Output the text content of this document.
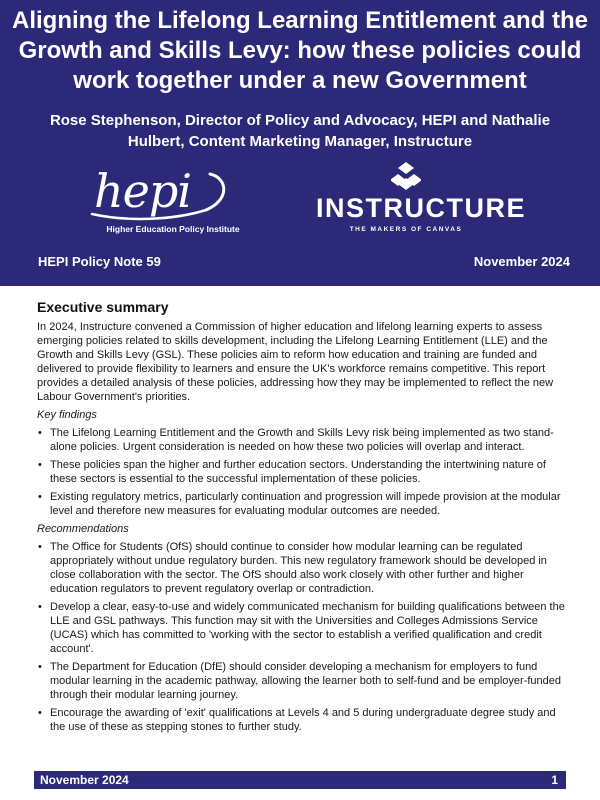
Aligning the Lifelong Learning Entitlement and the Growth and Skills Levy: how these policies could work together under a new Government

Rose Stephenson, Director of Policy and Advocacy, HEPI and Nathalie Hulbert, Content Marketing Manager, Instructure

hepi
Higher Education Policy Institute
INSTRUCTURE
THE MAKERS OF CANVAS
HEPI Policy Note 59	November 2024
Executive summary

In 2024, Instructure convened a Commission of higher education and lifelong learning experts to assess emerging policies related to skills development, including the Lifelong Learning Entitlement (LLE) and the Growth and Skills Levy (GSL). These policies aim to reform how education and training are funded and delivered to provide flexibility to learners and ensure the UK's workforce remains competitive. This report provides a detailed analysis of these policies, addressing how they may be implemented to reflect the new Labour Government's priorities.

Key findings

• The Lifelong Learning Entitlement and the Growth and Skills Levy risk being implemented as two stand-alone policies. Urgent consideration is needed on how these two policies will overlap and interact.
• These policies span the higher and further education sectors. Understanding the intertwining nature of these sectors is essential to the successful implementation of these policies.
• Existing regulatory metrics, particularly continuation and progression will impede provision at the modular level and therefore new measures for evaluating modular outcomes are needed.

Recommendations

• The Office for Students (OfS) should continue to consider how modular learning can be regulated appropriately without undue regulatory burden. This new regulatory framework should be developed in close collaboration with the sector. The OfS should also work closely with other further and higher education regulators to prevent regulatory overlap or contradiction.
• Develop a clear, easy-to-use and widely communicated mechanism for building qualifications between the LLE and GSL pathways. This function may sit with the Universities and Colleges Admissions Service (UCAS) which has committed to 'working with the sector to establish a verified qualification and credit account'.
• The Department for Education (DfE) should consider developing a mechanism for employers to fund modular learning in the academic pathway, allowing the learner both to self-fund and be employer-funded through their modular learning journey.
• Encourage the awarding of 'exit' qualifications at Levels 4 and 5 during undergraduate degree study and the use of these as stepping stones to further study.
November 2024	1
